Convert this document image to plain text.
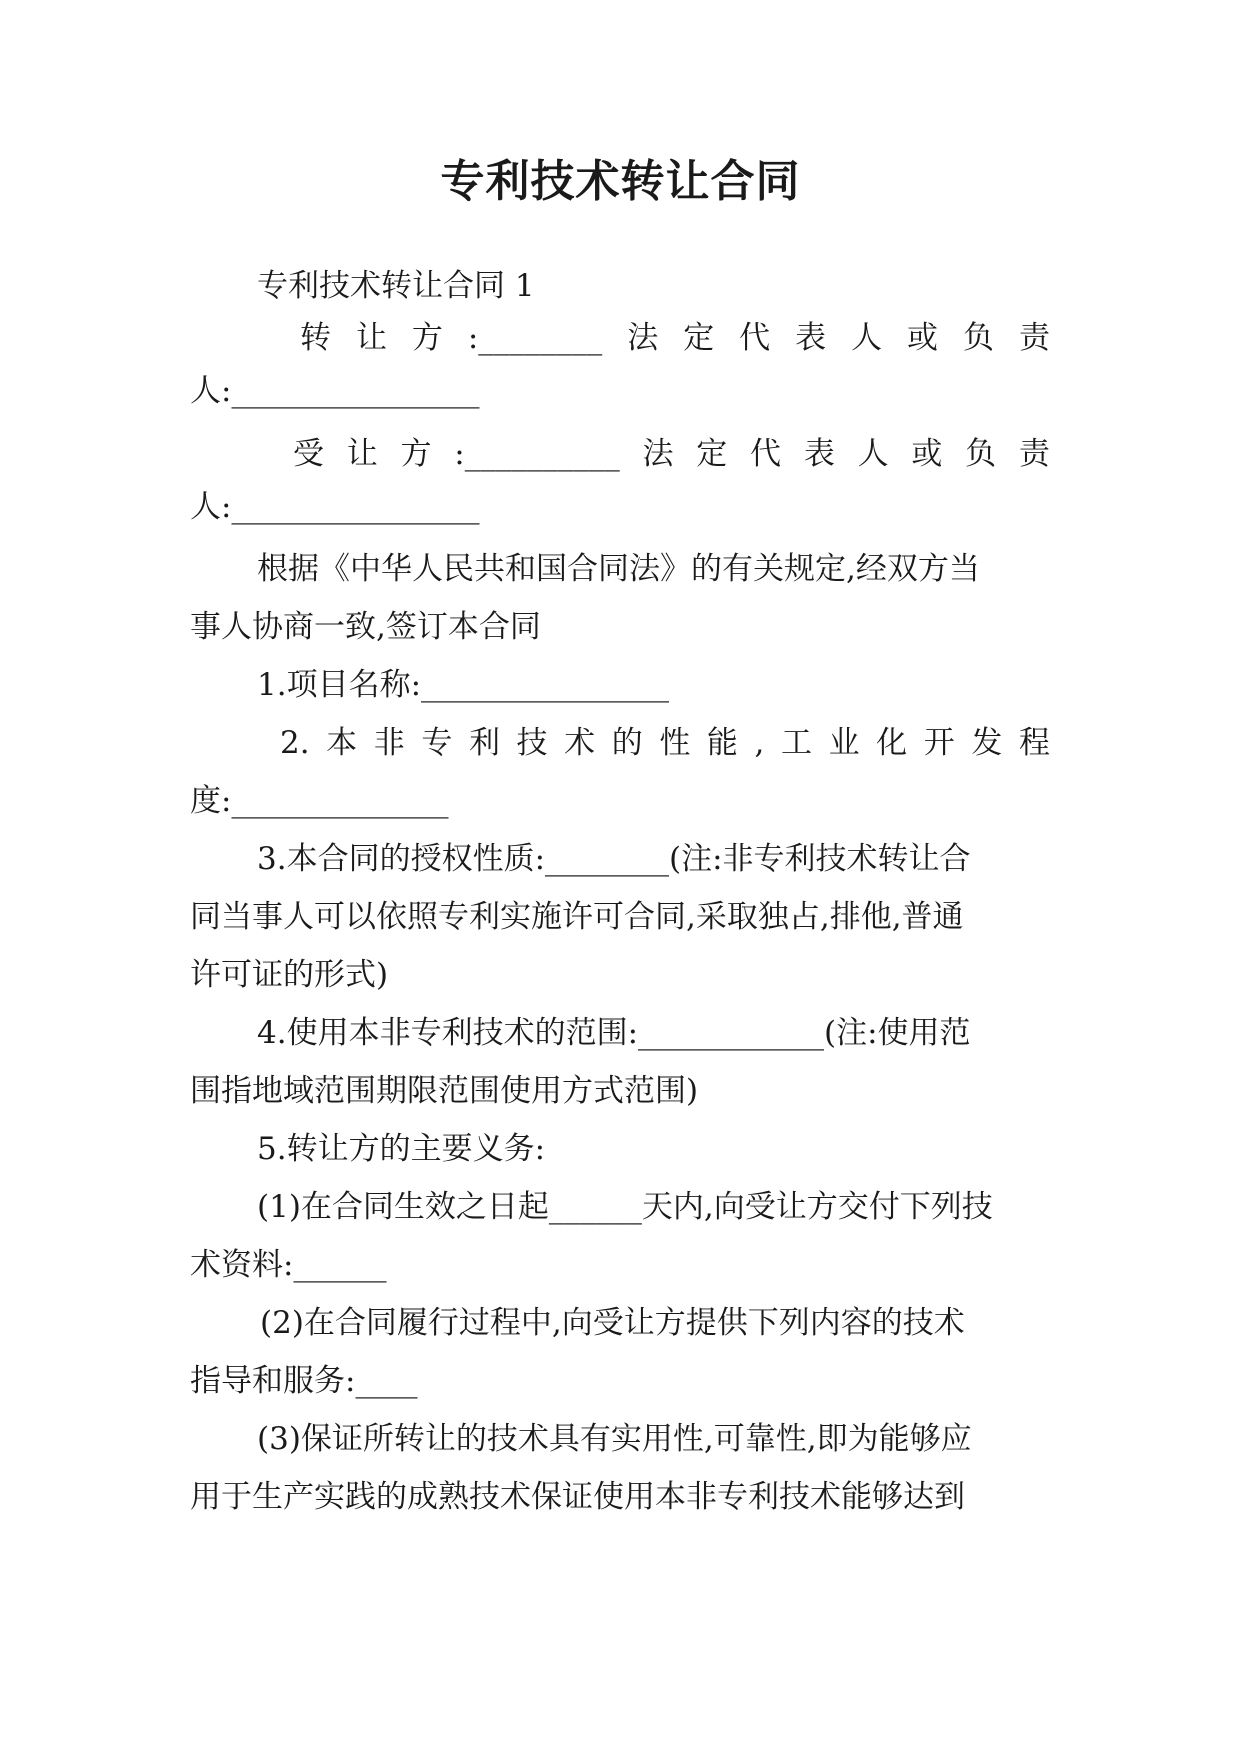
专利技术转让合同
专利技术转让合同 1
转 让 方 :________ 法 定 代 表 人 或 负 责
人:________________
受 让 方 :__________ 法 定 代 表 人 或 负 责
人:________________
根据《中华人民共和国合同法》的有关规定,经双方当
事人协商一致,签订本合同
1.项目名称:________________
2. 本 非 专 利 技 术 的 性 能 , 工 业 化 开 发 程
度:______________
3.本合同的授权性质:________(注:非专利技术转让合
同当事人可以依照专利实施许可合同,采取独占,排他,普通
许可证的形式)
4.使用本非专利技术的范围:____________(注:使用范
围指地域范围期限范围使用方式范围)
5.转让方的主要义务:
(1)在合同生效之日起______天内,向受让方交付下列技
术资料:______
(2)在合同履行过程中,向受让方提供下列内容的技术
指导和服务:____
(3)保证所转让的技术具有实用性,可靠性,即为能够应
用于生产实践的成熟技术保证使用本非专利技术能够达到
